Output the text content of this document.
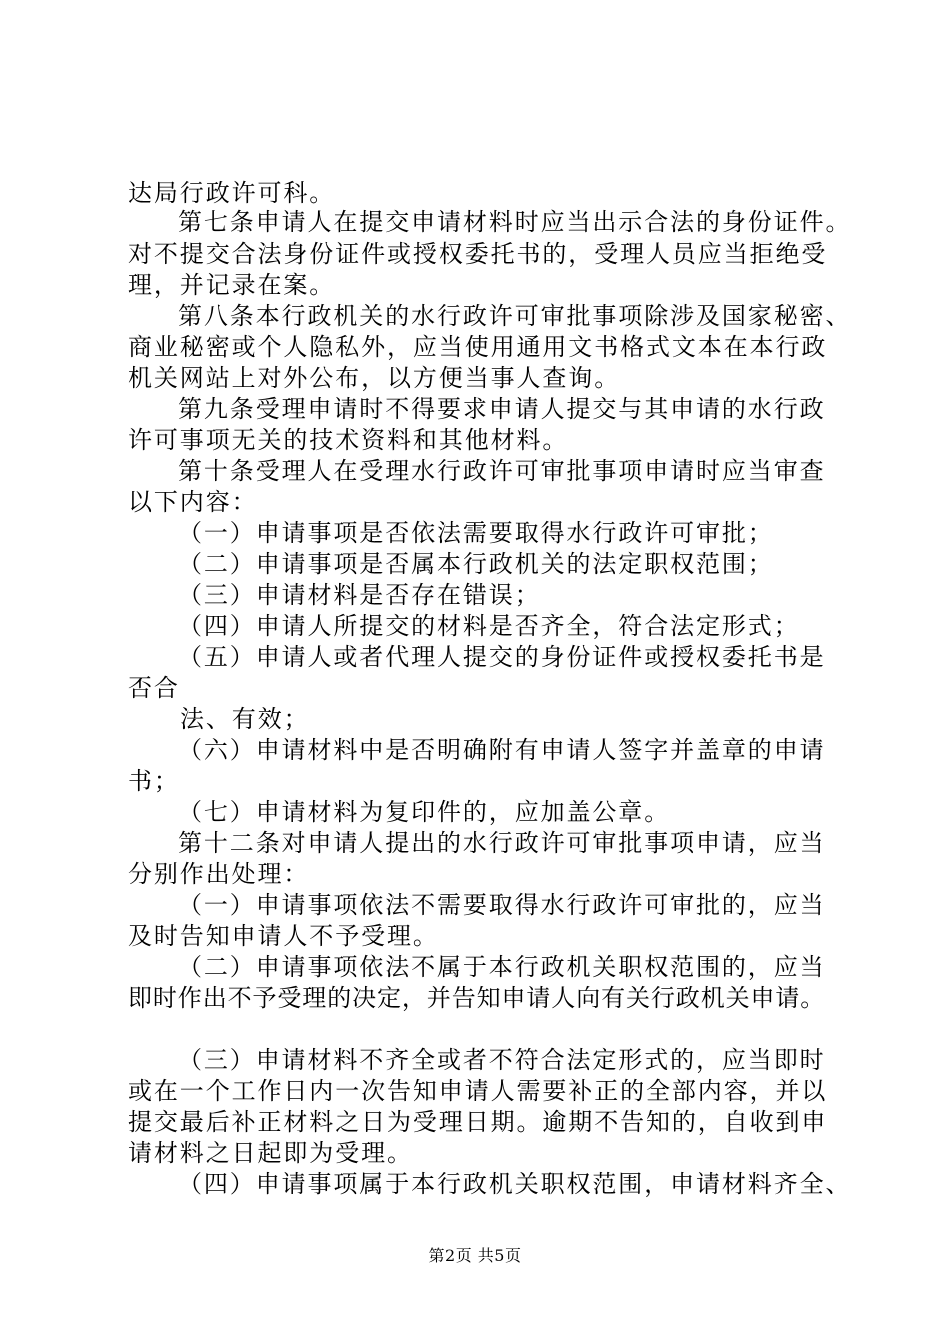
达局行政许可科。
第七条申请人在提交申请材料时应当出示合法的身份证件。
对不提交合法身份证件或授权委托书的，受理人员应当拒绝受
理，并记录在案。
第八条本行政机关的水行政许可审批事项除涉及国家秘密、
商业秘密或个人隐私外，应当使用通用文书格式文本在本行政
机关网站上对外公布，以方便当事人查询。
第九条受理申请时不得要求申请人提交与其申请的水行政
许可事项无关的技术资料和其他材料。
第十条受理人在受理水行政许可审批事项申请时应当审查
以下内容：
（一）申请事项是否依法需要取得水行政许可审批；
（二）申请事项是否属本行政机关的法定职权范围；
（三）申请材料是否存在错误；
（四）申请人所提交的材料是否齐全，符合法定形式；
（五）申请人或者代理人提交的身份证件或授权委托书是
否合
法、有效；
（六）申请材料中是否明确附有申请人签字并盖章的申请
书；
（七）申请材料为复印件的，应加盖公章。
第十二条对申请人提出的水行政许可审批事项申请，应当
分别作出处理：
（一）申请事项依法不需要取得水行政许可审批的，应当
及时告知申请人不予受理。
（二）申请事项依法不属于本行政机关职权范围的，应当
即时作出不予受理的决定，并告知申请人向有关行政机关申请。
（三）申请材料不齐全或者不符合法定形式的，应当即时
或在一个工作日内一次告知申请人需要补正的全部内容，并以
提交最后补正材料之日为受理日期。逾期不告知的，自收到申
请材料之日起即为受理。
（四）申请事项属于本行政机关职权范围，申请材料齐全、
第2页 共5页
